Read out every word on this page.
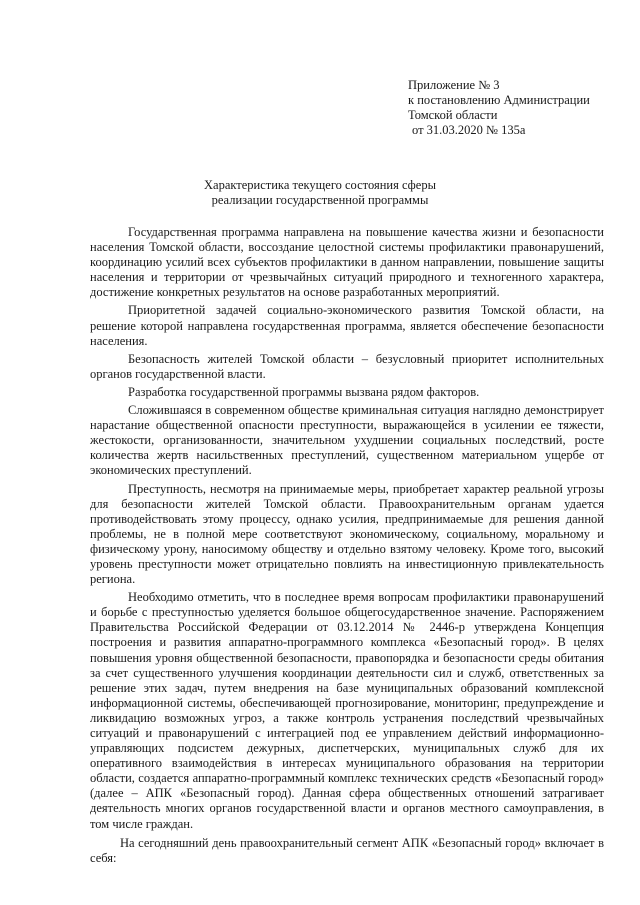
Приложение № 3
к постановлению Администрации
Томской области
от 31.03.2020 № 135а
Характеристика текущего состояния сферы
реализации государственной программы

Государственная программа направлена на повышение качества жизни и безопасности населения Томской области, воссоздание целостной системы профилактики правонарушений, координацию усилий всех субъектов профилактики в данном направлении, повышение защиты населения и территории от чрезвычайных ситуаций природного и техногенного характера, достижение конкретных результатов на основе разработанных мероприятий.

Приоритетной задачей социально-экономического развития Томской области, на решение которой направлена государственная программа, является обеспечение безопасности населения.

Безопасность жителей Томской области – безусловный приоритет исполнительных органов государственной власти.

Разработка государственной программы вызвана рядом факторов.

Сложившаяся в современном обществе криминальная ситуация наглядно демонстрирует нарастание общественной опасности преступности, выражающейся в усилении ее тяжести, жестокости, организованности, значительном ухудшении социальных последствий, росте количества жертв насильственных преступлений, существенном материальном ущербе от экономических преступлений.

Преступность, несмотря на принимаемые меры, приобретает характер реальной угрозы для безопасности жителей Томской области. Правоохранительным органам удается противодействовать этому процессу, однако усилия, предпринимаемые для решения данной проблемы, не в полной мере соответствуют экономическому, социальному, моральному и физическому урону, наносимому обществу и отдельно взятому человеку. Кроме того, высокий уровень преступности может отрицательно повлиять на инвестиционную привлекательность региона.

Необходимо отметить, что в последнее время вопросам профилактики правонарушений и борьбе с преступностью уделяется большое общегосударственное значение. Распоряжением Правительства Российской Федерации от 03.12.2014 № 2446-р утверждена Концепция построения и развития аппаратно-программного комплекса «Безопасный город». В целях повышения уровня общественной безопасности, правопорядка и безопасности среды обитания за счет существенного улучшения координации деятельности сил и служб, ответственных за решение этих задач, путем внедрения на базе муниципальных образований комплексной информационной системы, обеспечивающей прогнозирование, мониторинг, предупреждение и ликвидацию возможных угроз, а также контроль устранения последствий чрезвычайных ситуаций и правонарушений с интеграцией под ее управлением действий информационно-управляющих подсистем дежурных, диспетчерских, муниципальных служб для их оперативного взаимодействия в интересах муниципального образования на территории области, создается аппаратно-программный комплекс технических средств «Безопасный город» (далее – АПК «Безопасный город). Данная сфера общественных отношений затрагивает деятельность многих органов государственной власти и органов местного самоуправления, в том числе граждан.

На сегодняшний день правоохранительный сегмент АПК «Безопасный город» включает в себя:
